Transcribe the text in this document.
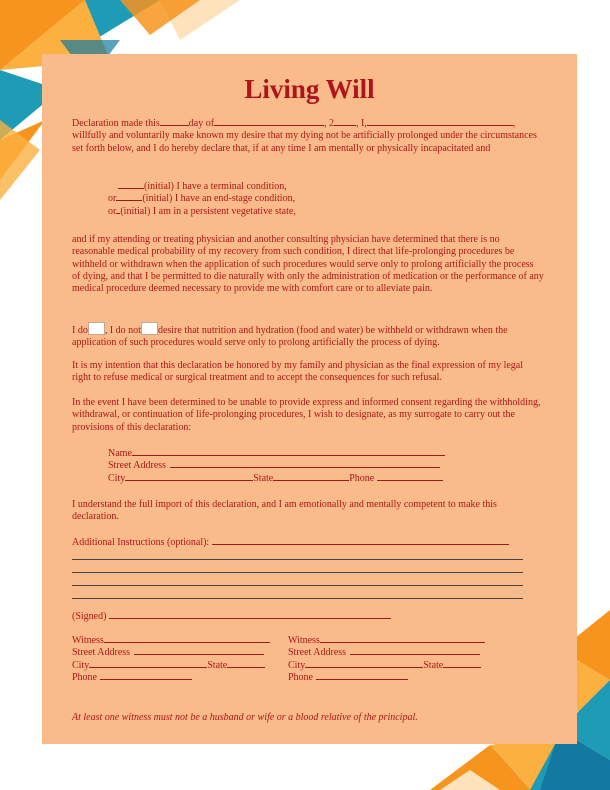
Living Will
Declaration made this	day of	, 2 , I,	, willfully and voluntarily make known my desire that my dying not be artificially prolonged under the circumstances set forth below, and I do hereby declare that, if at any time I am mentally or physically incapacitated and
(initial) I have a terminal condition,
or	(initial) I have an end-stage condition,
or (initial) I am in a persistent vegetative state,
and if my attending or treating physician and another consulting physician have determined that there is no reasonable medical probability of my recovery from such condition, I direct that life-prolonging procedures be withheld or withdrawn when the application of such procedures would serve only to prolong artificially the process of dying, and that I be permitted to die naturally with only the administration of medication or the performance of any medical procedure deemed necessary to provide me with comfort care or to alleviate pain.
I do , I do not desire that nutrition and hydration (food and water) be withheld or withdrawn when the application of such procedures would serve only to prolong artificially the process of dying.
It is my intention that this declaration be honored by my family and physician as the final expression of my legal right to refuse medical or surgical treatment and to accept the consequences for such refusal.
In the event I have been determined to be unable to provide express and informed consent regarding the withholding, withdrawal, or continuation of life-prolonging procedures, I wish to designate, as my surrogate to carry out the provisions of this declaration:
Name
Street Address
City	State	Phone
I understand the full import of this declaration, and I am emotionally and mentally competent to make this declaration.
Additional Instructions (optional):
(Signed)
Witness
Street Address
City	State
Phone
Witness
Street Address
City	State
Phone
At least one witness must not be a husband or wife or a blood relative of the principal.
